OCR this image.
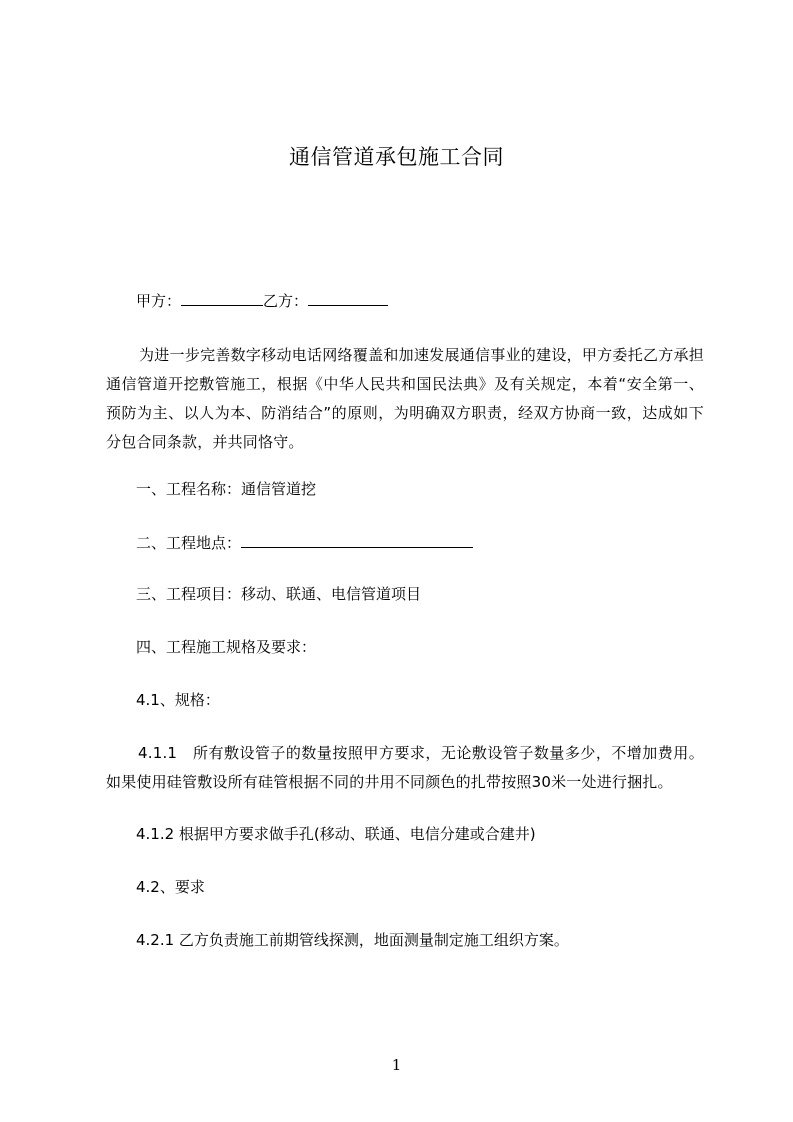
通信管道承包施工合同
甲方：	乙方：
为进一步完善数字移动电话网络覆盖和加速发展通信事业的建设，甲方委托乙方承担通信管道开挖敷管施工，根据《中华人民共和国民法典》及有关规定，本着“安全第一、预防为主、以人为本、防消结合”的原则，为明确双方职责，经双方协商一致，达成如下分包合同条款，并共同恪守。
一、工程名称：通信管道挖
二、工程地点：
三、工程项目：移动、联通、电信管道项目
四、工程施工规格及要求：
4.1、规格：
4.1.1　所有敷设管子的数量按照甲方要求，无论敷设管子数量多少，不增加费用。如果使用硅管敷设所有硅管根据不同的井用不同颜色的扎带按照30米一处进行捆扎。
4.1.2 根据甲方要求做手孔(移动、联通、电信分建或合建井)
4.2、要求
4.2.1 乙方负责施工前期管线探测，地面测量制定施工组织方案。
1
